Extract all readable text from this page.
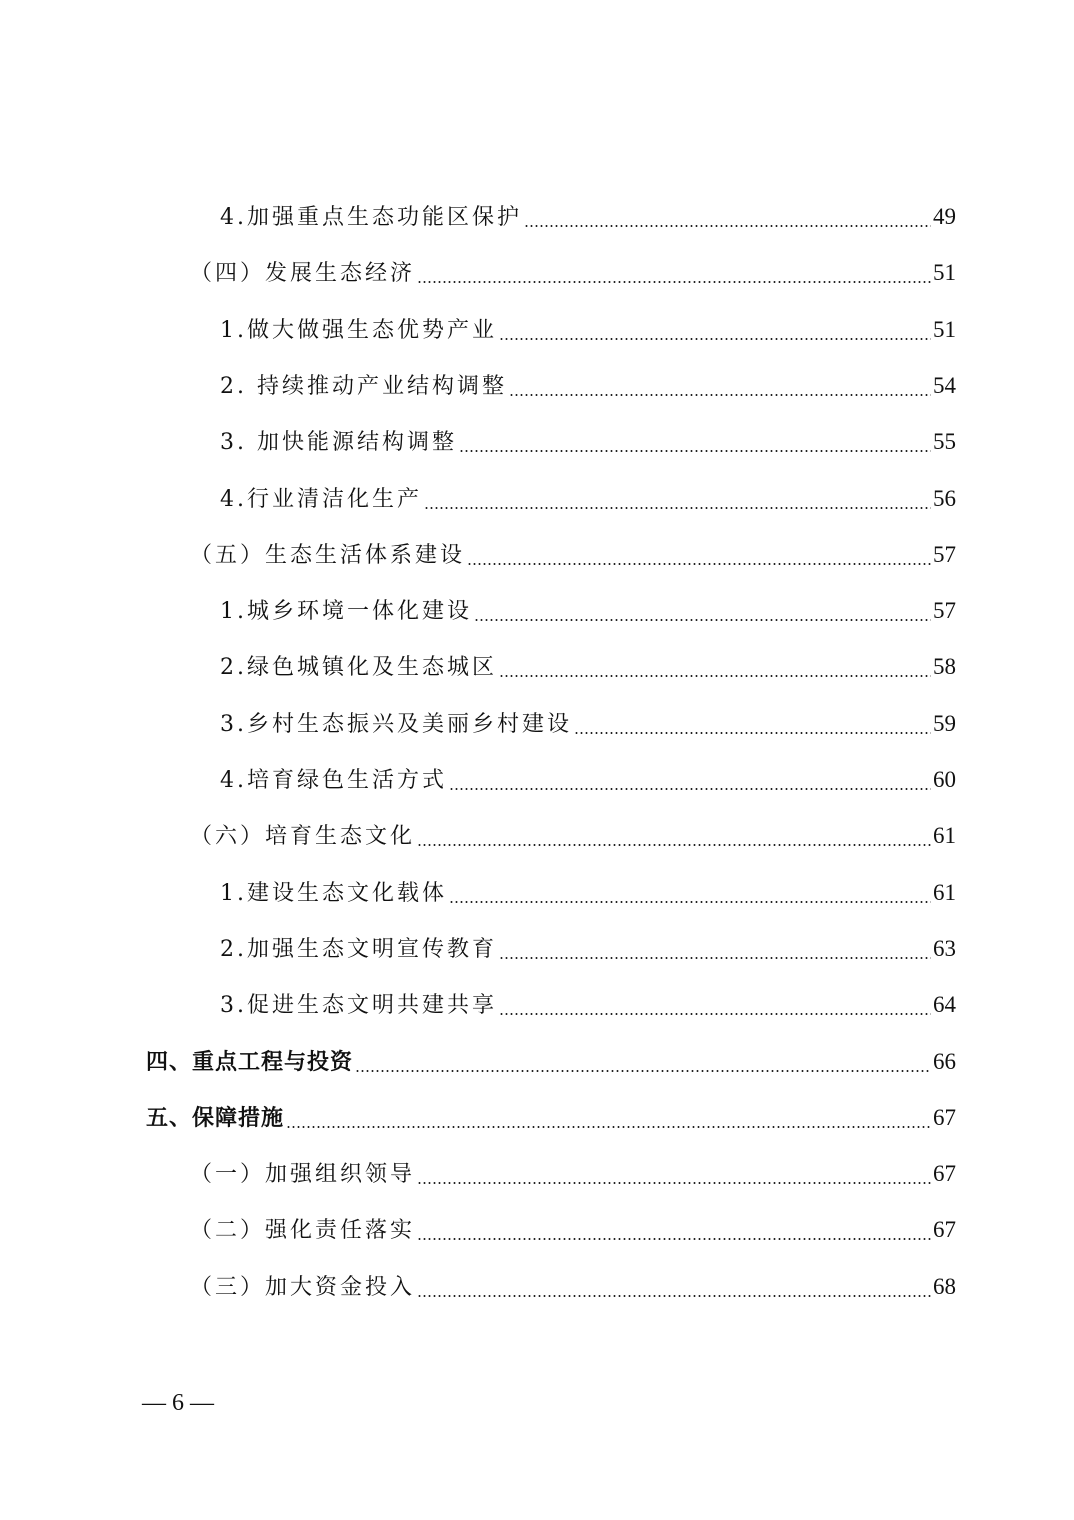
4.加强重点生态功能区保护	49
（四）发展生态经济	51
1.做大做强生态优势产业	51
2. 持续推动产业结构调整	54
3. 加快能源结构调整	55
4.行业清洁化生产	56
（五）生态生活体系建设	57
1.城乡环境一体化建设	57
2.绿色城镇化及生态城区	58
3.乡村生态振兴及美丽乡村建设	59
4.培育绿色生活方式	60
（六）培育生态文化	61
1.建设生态文化载体	61
2.加强生态文明宣传教育	63
3.促进生态文明共建共享	64
四、重点工程与投资	66
五、保障措施	67
（一）加强组织领导	67
（二）强化责任落实	67
（三）加大资金投入	68
— 6 —
